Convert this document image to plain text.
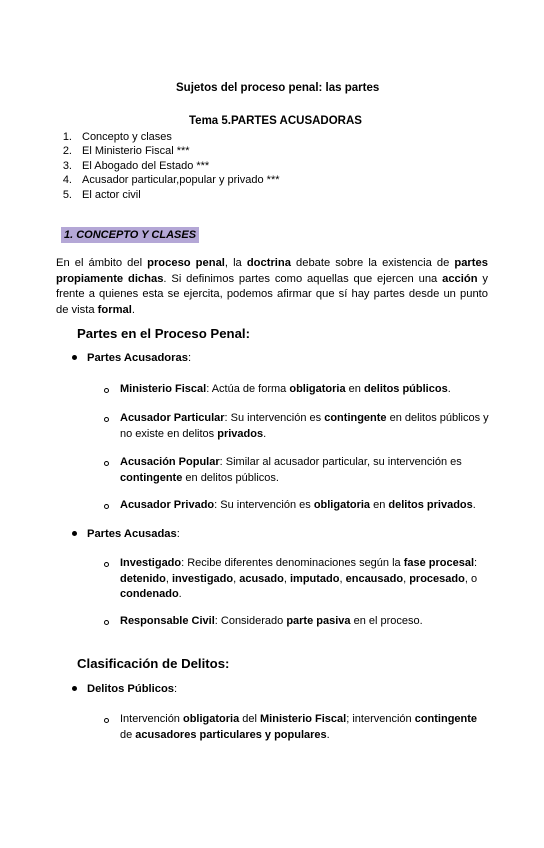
Sujetos del proceso penal: las partes
Tema 5.PARTES ACUSADORAS
1. Concepto y clases
2. El Ministerio Fiscal ***
3. El Abogado del Estado ***
4. Acusador particular,popular y privado ***
5. El actor civil
1. CONCEPTO Y CLASES
En el ámbito del proceso penal, la doctrina debate sobre la existencia de partes propiamente dichas. Si definimos partes como aquellas que ejercen una acción y frente a quienes esta se ejercita, podemos afirmar que sí hay partes desde un punto de vista formal.
Partes en el Proceso Penal:
Partes Acusadoras:
Ministerio Fiscal: Actúa de forma obligatoria en delitos públicos.
Acusador Particular: Su intervención es contingente en delitos públicos y no existe en delitos privados.
Acusación Popular: Similar al acusador particular, su intervención es contingente en delitos públicos.
Acusador Privado: Su intervención es obligatoria en delitos privados.
Partes Acusadas:
Investigado: Recibe diferentes denominaciones según la fase procesal: detenido, investigado, acusado, imputado, encausado, procesado, o condenado.
Responsable Civil: Considerado parte pasiva en el proceso.
Clasificación de Delitos:
Delitos Públicos:
Intervención obligatoria del Ministerio Fiscal; intervención contingente de acusadores particulares y populares.
